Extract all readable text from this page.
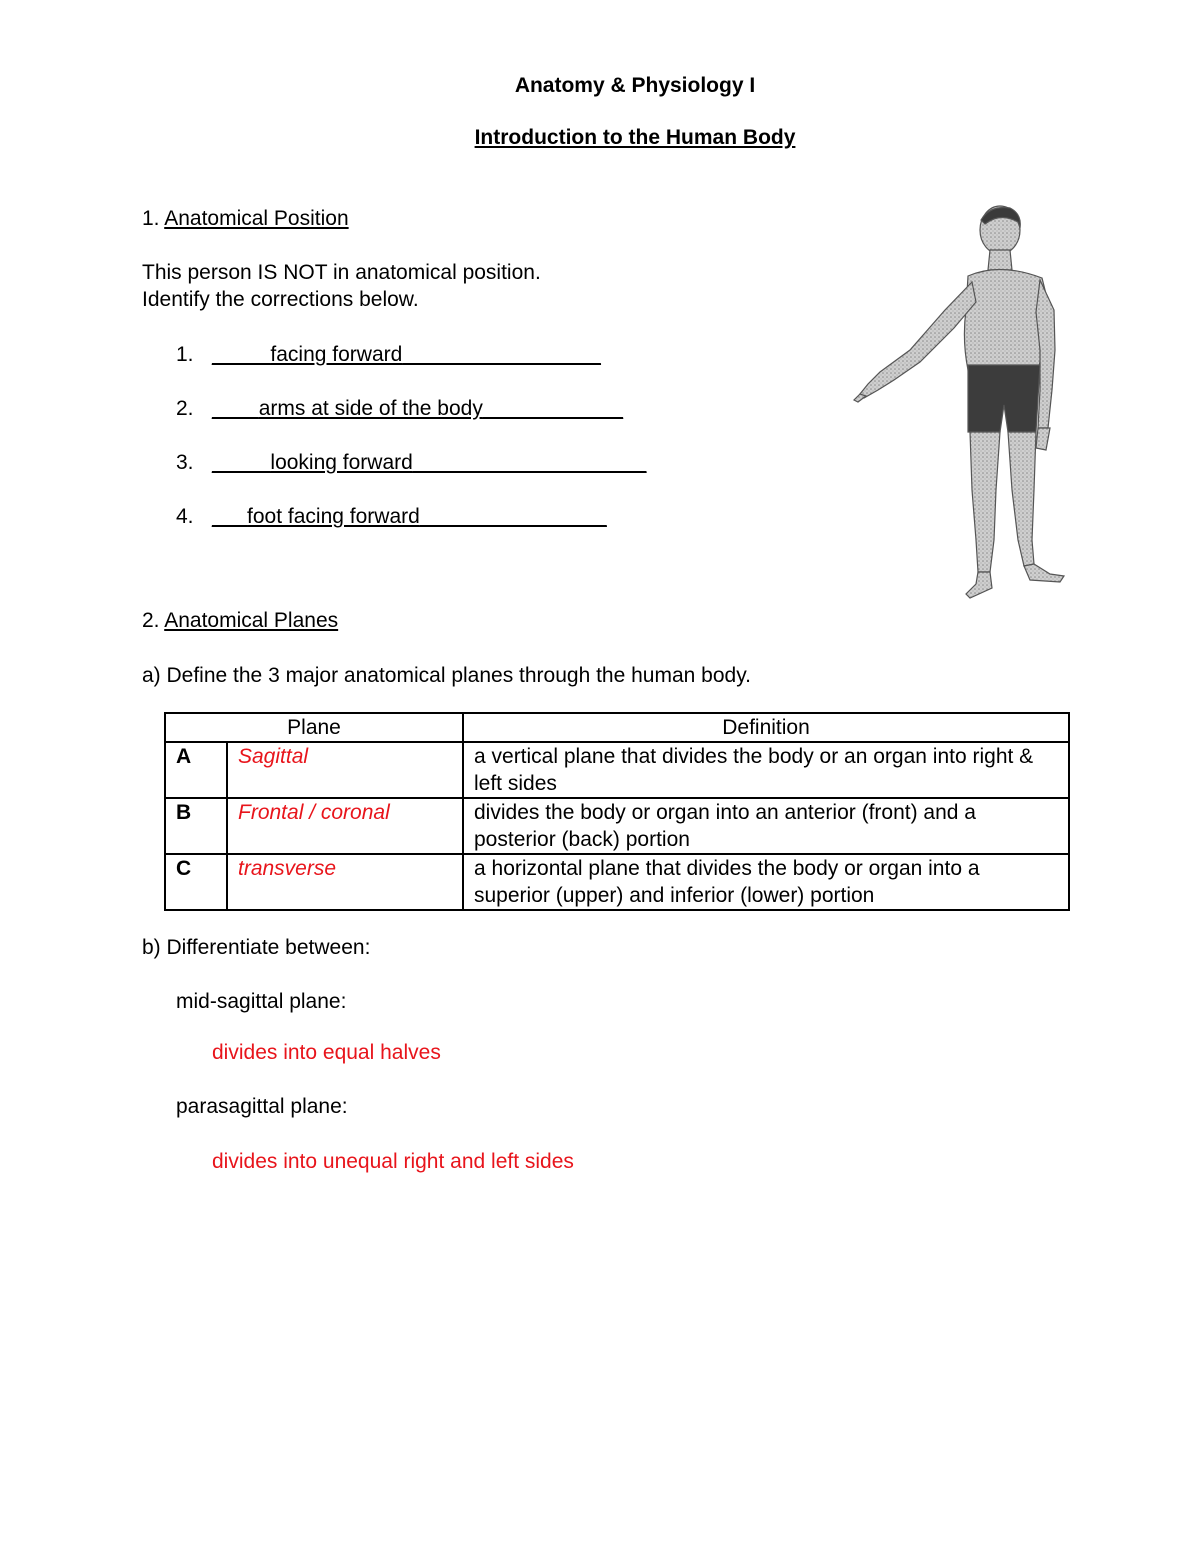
Anatomy & Physiology I
Introduction to the Human Body
1. Anatomical Position
This person IS NOT in anatomical position.
Identify the corrections below.
1. _____facing forward_________________
2. ____arms at side of the body____________
3. _____looking forward____________________
4. ___foot facing forward________________
2. Anatomical Planes
a) Define the 3 major anatomical planes through the human body.
Plane		Definition
A	Sagittal	a vertical plane that divides the body or an organ into right & left sides
B	Frontal / coronal	divides the body or organ into an anterior (front) and a posterior (back) portion
C	transverse	a horizontal plane that divides the body or organ into a superior (upper) and inferior (lower) portion
b) Differentiate between:
mid-sagittal plane:
divides into equal halves
parasagittal plane:
divides into unequal right and left sides
